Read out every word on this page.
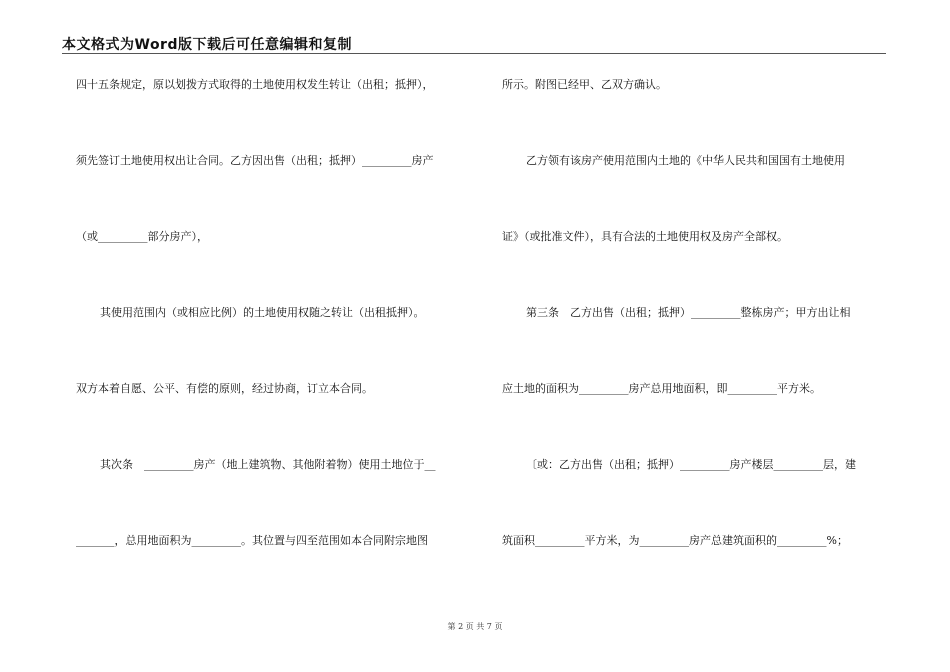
本文格式为Word版下载后可任意编辑和复制
四十五条规定，原以划拨方式取得的土地使用权发生转让（出租；抵押），
须先签订土地使用权出让合同。乙方因出售（出租；抵押）_________房产
（或_________部分房产），
其使用范围内（或相应比例）的土地使用权随之转让（出租抵押）。
双方本着自愿、公平、有偿的原则，经过协商，订立本合同。
其次条　_________房产（地上建筑物、其他附着物）使用土地位于__
_______，总用地面积为_________。其位置与四至范围如本合同附宗地图
所示。附图已经甲、乙双方确认。
乙方领有该房产使用范围内土地的《中华人民共和国国有土地使用
证》（或批准文件），具有合法的土地使用权及房产全部权。
第三条　乙方出售（出租；抵押）_________整栋房产；甲方出让相
应土地的面积为_________房产总用地面积，即_________平方米。
〔或：乙方出售（出租；抵押）_________房产楼层_________层，建
筑面积_________平方米，为_________房产总建筑面积的_________%；
第 2 页 共 7 页
